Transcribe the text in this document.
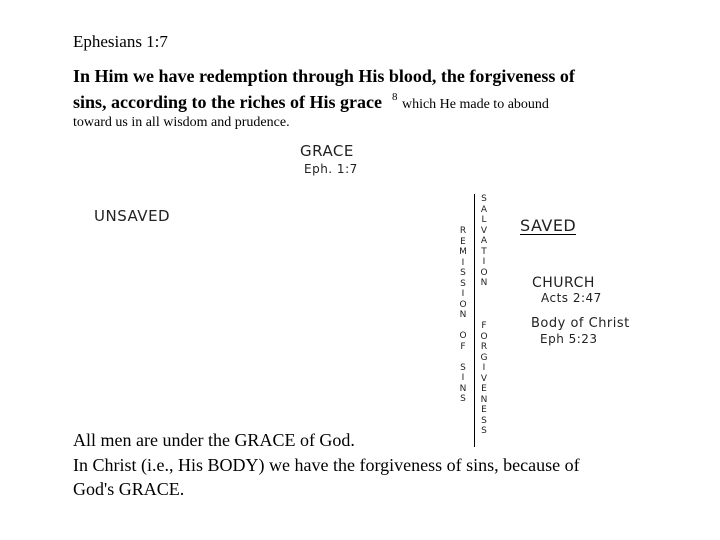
Ephesians 1:7
In Him we have redemption through His blood, the forgiveness of
sins, according to the riches of His grace $^8$ which He made to abound
toward us in all wisdom and prudence.
GRACE
Eph. 1:7
UNSAVED	SAVED
CHURCH
Acts 2:47
Body of Christ
Eph 5:23
R
E
M
I
S
S
I
O
N
O
F
S
I
N
S
S
A
L
V
A
T
I
O
N
F
O
R
G
I
V
E
N
E
S
S
All men are under the GRACE of God.
In Christ (i.e., His BODY) we have the forgiveness of sins, because of
God's GRACE.
